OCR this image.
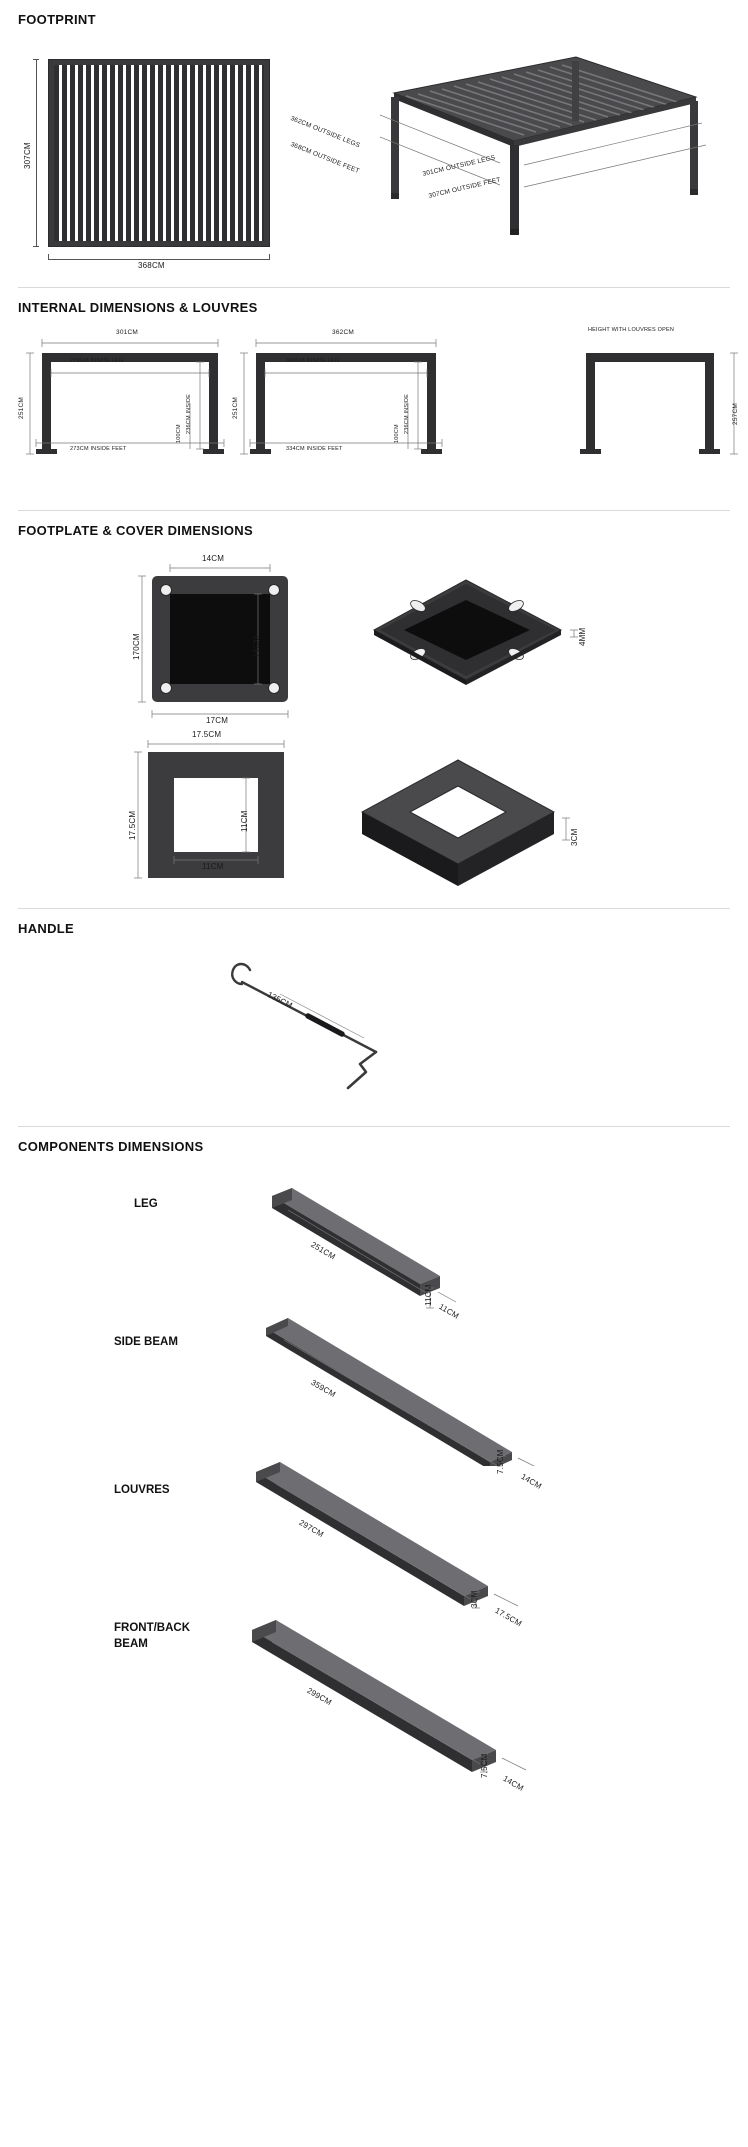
FOOTPRINT
368CM
307CM
362CM OUTSIDE LEGS
368CM OUTSIDE FEET	301CM OUTSIDE LEGS
307CM OUTSIDE FEET
INTERNAL DIMENSIONS & LOUVRES
301CM
279CM INSIDE LEG
273CM INSIDE FEET
251CM	236CM INSIDE
100CM
362CM
340CM INSIDE LEG
334CM INSIDE FEET
251CM	236CM INSIDE
100CM
HEIGHT WITH LOUVRES OPEN
257CM
FOOTPLATE & COVER DIMENSIONS
14CM
170CM	14CM
17CM
4MM
17.5CM
17.5CM	11CM
11CM
3CM
HANDLE
135CM
COMPONENTS DIMENSIONS
LEG
251CM
11CM
11CM
SIDE BEAM
359CM
7.5CM
14CM
LOUVRES
297CM
3CM
17.5CM
FRONT/BACK
BEAM
299CM
7.5CM
14CM
